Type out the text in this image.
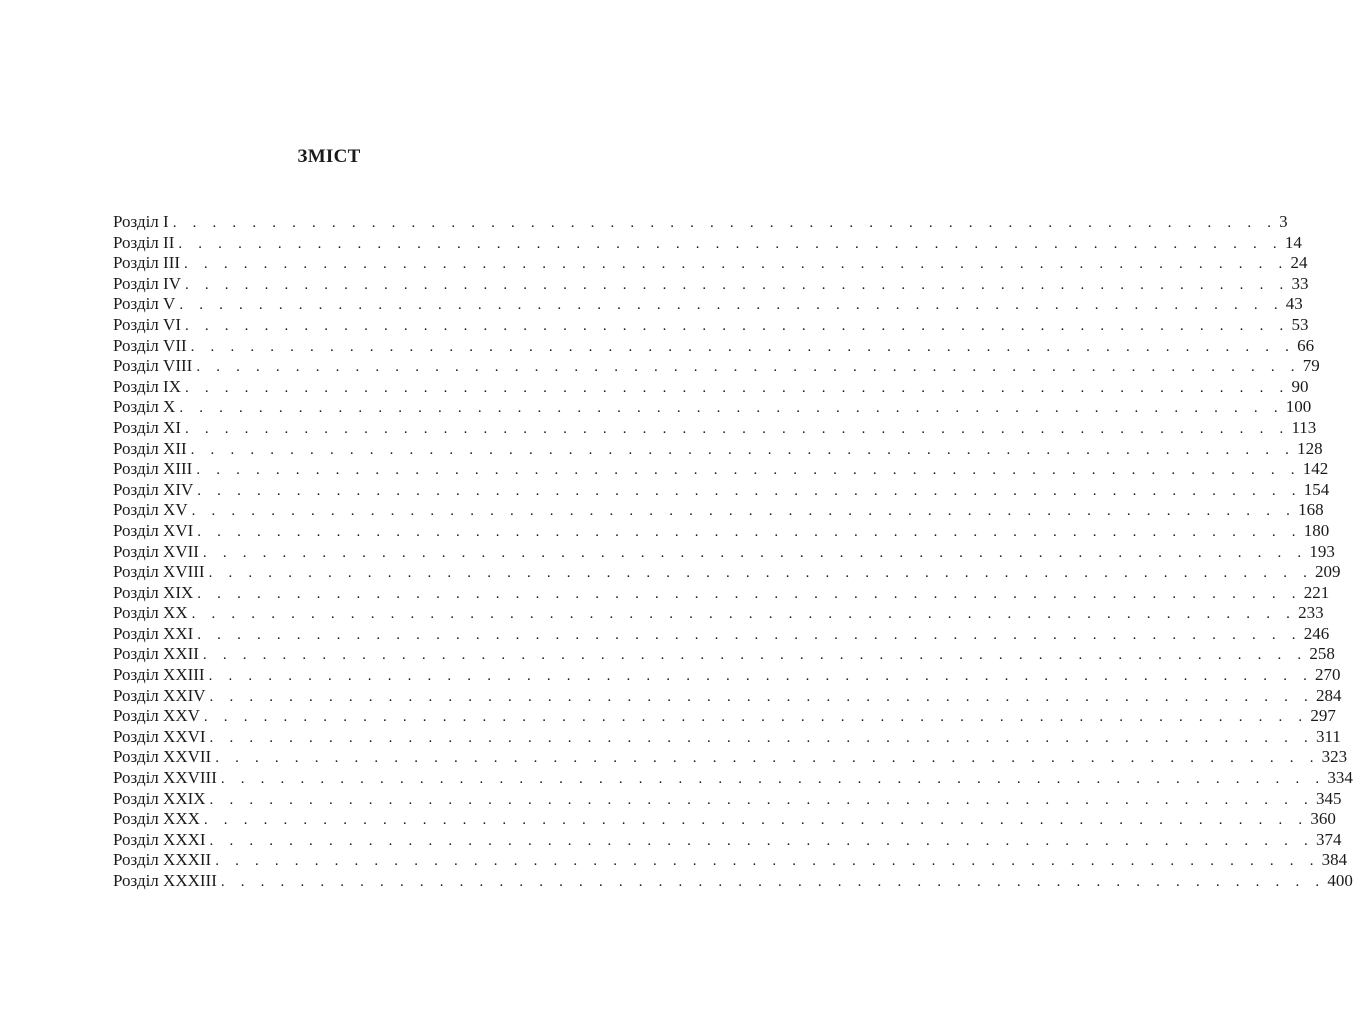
ЗМІСТ
Розділ I . . . . . . . . . . . . . . . . . . . . . . . . . . . . . . . . . . . . . . . . . . . . . . . . . . . . . . . . 3
Розділ II . . . . . . . . . . . . . . . . . . . . . . . . . . . . . . . . . . . . . . . . . . . . . . . . . . . . . . . . 14
Розділ III . . . . . . . . . . . . . . . . . . . . . . . . . . . . . . . . . . . . . . . . . . . . . . . . . . . . . . . . 24
Розділ IV . . . . . . . . . . . . . . . . . . . . . . . . . . . . . . . . . . . . . . . . . . . . . . . . . . . . . . . . 33
Розділ V . . . . . . . . . . . . . . . . . . . . . . . . . . . . . . . . . . . . . . . . . . . . . . . . . . . . . . . . 43
Розділ VI . . . . . . . . . . . . . . . . . . . . . . . . . . . . . . . . . . . . . . . . . . . . . . . . . . . . . . . . 53
Розділ VII . . . . . . . . . . . . . . . . . . . . . . . . . . . . . . . . . . . . . . . . . . . . . . . . . . . . . . . . 66
Розділ VIII . . . . . . . . . . . . . . . . . . . . . . . . . . . . . . . . . . . . . . . . . . . . . . . . . . . . . . . . 79
Розділ IX . . . . . . . . . . . . . . . . . . . . . . . . . . . . . . . . . . . . . . . . . . . . . . . . . . . . . . . . 90
Розділ X . . . . . . . . . . . . . . . . . . . . . . . . . . . . . . . . . . . . . . . . . . . . . . . . . . . . . . . . 100
Розділ XI . . . . . . . . . . . . . . . . . . . . . . . . . . . . . . . . . . . . . . . . . . . . . . . . . . . . . . . . 113
Розділ XII . . . . . . . . . . . . . . . . . . . . . . . . . . . . . . . . . . . . . . . . . . . . . . . . . . . . . . . . 128
Розділ XIII . . . . . . . . . . . . . . . . . . . . . . . . . . . . . . . . . . . . . . . . . . . . . . . . . . . . . . . . 142
Розділ XIV . . . . . . . . . . . . . . . . . . . . . . . . . . . . . . . . . . . . . . . . . . . . . . . . . . . . . . . . 154
Розділ XV . . . . . . . . . . . . . . . . . . . . . . . . . . . . . . . . . . . . . . . . . . . . . . . . . . . . . . . . 168
Розділ XVI . . . . . . . . . . . . . . . . . . . . . . . . . . . . . . . . . . . . . . . . . . . . . . . . . . . . . . . . 180
Розділ XVII . . . . . . . . . . . . . . . . . . . . . . . . . . . . . . . . . . . . . . . . . . . . . . . . . . . . . . . . 193
Розділ XVIII . . . . . . . . . . . . . . . . . . . . . . . . . . . . . . . . . . . . . . . . . . . . . . . . . . . . . . . . 209
Розділ XIX . . . . . . . . . . . . . . . . . . . . . . . . . . . . . . . . . . . . . . . . . . . . . . . . . . . . . . . . 221
Розділ XX . . . . . . . . . . . . . . . . . . . . . . . . . . . . . . . . . . . . . . . . . . . . . . . . . . . . . . . . 233
Розділ XXI . . . . . . . . . . . . . . . . . . . . . . . . . . . . . . . . . . . . . . . . . . . . . . . . . . . . . . . . 246
Розділ XXII . . . . . . . . . . . . . . . . . . . . . . . . . . . . . . . . . . . . . . . . . . . . . . . . . . . . . . . . 258
Розділ XXIII . . . . . . . . . . . . . . . . . . . . . . . . . . . . . . . . . . . . . . . . . . . . . . . . . . . . . . . . 270
Розділ XXIV . . . . . . . . . . . . . . . . . . . . . . . . . . . . . . . . . . . . . . . . . . . . . . . . . . . . . . . . 284
Розділ XXV . . . . . . . . . . . . . . . . . . . . . . . . . . . . . . . . . . . . . . . . . . . . . . . . . . . . . . . . 297
Розділ XXVI . . . . . . . . . . . . . . . . . . . . . . . . . . . . . . . . . . . . . . . . . . . . . . . . . . . . . . . . 311
Розділ XXVII . . . . . . . . . . . . . . . . . . . . . . . . . . . . . . . . . . . . . . . . . . . . . . . . . . . . . . . . 323
Розділ XXVIII . . . . . . . . . . . . . . . . . . . . . . . . . . . . . . . . . . . . . . . . . . . . . . . . . . . . . . . . 334
Розділ XXIX . . . . . . . . . . . . . . . . . . . . . . . . . . . . . . . . . . . . . . . . . . . . . . . . . . . . . . . . 345
Розділ XXX . . . . . . . . . . . . . . . . . . . . . . . . . . . . . . . . . . . . . . . . . . . . . . . . . . . . . . . . 360
Розділ XXXI . . . . . . . . . . . . . . . . . . . . . . . . . . . . . . . . . . . . . . . . . . . . . . . . . . . . . . . . 374
Розділ XXXII . . . . . . . . . . . . . . . . . . . . . . . . . . . . . . . . . . . . . . . . . . . . . . . . . . . . . . . . 384
Розділ XXXIII . . . . . . . . . . . . . . . . . . . . . . . . . . . . . . . . . . . . . . . . . . . . . . . . . . . . . . . . 400
